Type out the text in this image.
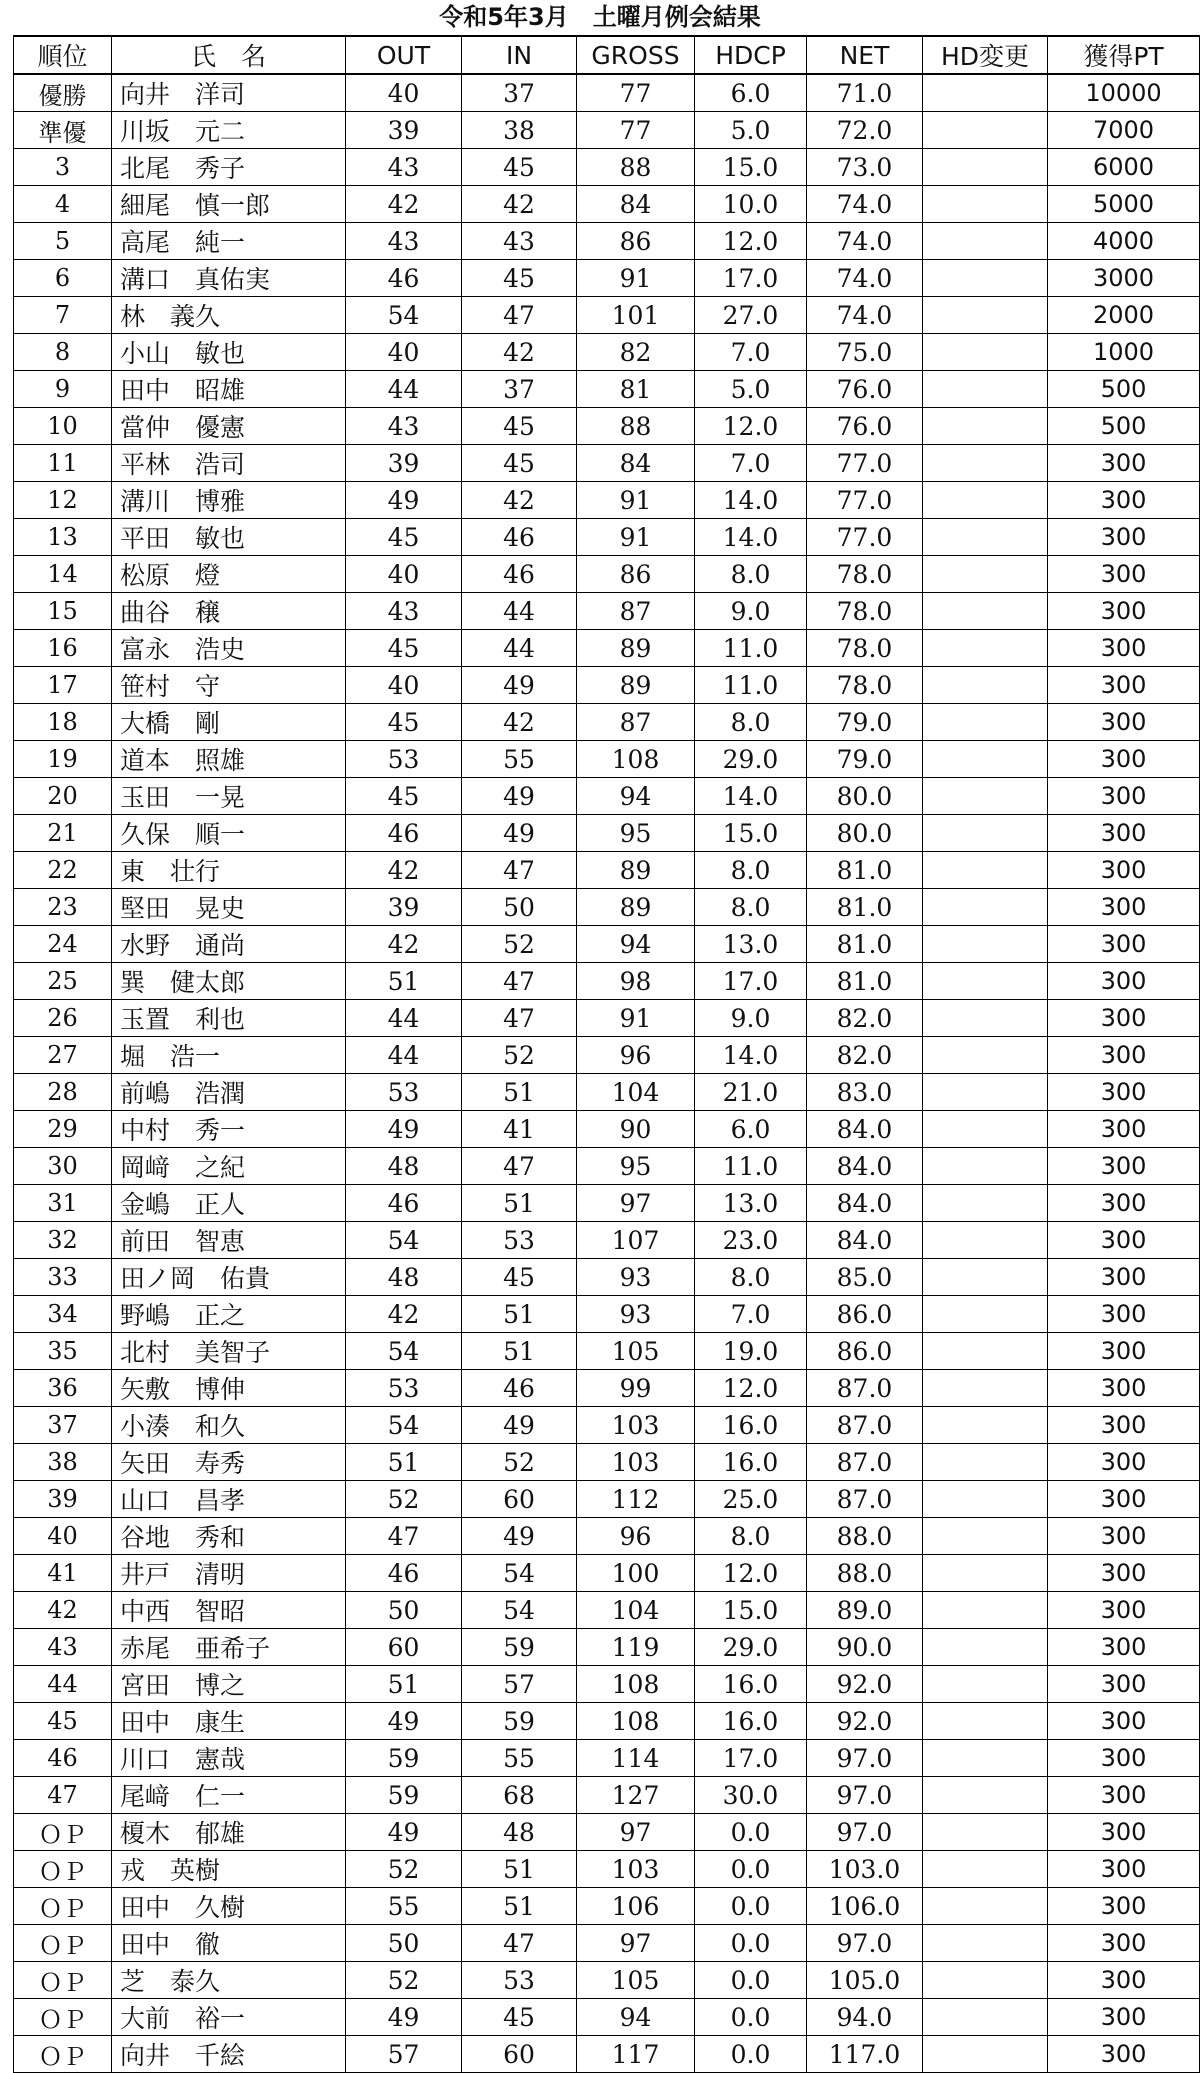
令和5年3月　土曜月例会結果
順位	氏　名	OUT	IN	GROSS	HDCP	NET	HD変更	獲得PT
優勝	向井　洋司	40	37	77	6.0	71.0		10000
準優	川坂　元二	39	38	77	5.0	72.0		7000
3	北尾　秀子	43	45	88	15.0	73.0		6000
4	細尾　慎一郎	42	42	84	10.0	74.0		5000
5	高尾　純一	43	43	86	12.0	74.0		4000
6	溝口　真佑実	46	45	91	17.0	74.0		3000
7	林　義久	54	47	101	27.0	74.0		2000
8	小山　敏也	40	42	82	7.0	75.0		1000
9	田中　昭雄	44	37	81	5.0	76.0		500
10	當仲　優憲	43	45	88	12.0	76.0		500
11	平林　浩司	39	45	84	7.0	77.0		300
12	溝川　博雅	49	42	91	14.0	77.0		300
13	平田　敏也	45	46	91	14.0	77.0		300
14	松原　燈	40	46	86	8.0	78.0		300
15	曲谷　穣	43	44	87	9.0	78.0		300
16	富永　浩史	45	44	89	11.0	78.0		300
17	笹村　守	40	49	89	11.0	78.0		300
18	大橋　剛	45	42	87	8.0	79.0		300
19	道本　照雄	53	55	108	29.0	79.0		300
20	玉田　一晃	45	49	94	14.0	80.0		300
21	久保　順一	46	49	95	15.0	80.0		300
22	東　壮行	42	47	89	8.0	81.0		300
23	堅田　晃史	39	50	89	8.0	81.0		300
24	水野　通尚	42	52	94	13.0	81.0		300
25	巽　健太郎	51	47	98	17.0	81.0		300
26	玉置　利也	44	47	91	9.0	82.0		300
27	堀　浩一	44	52	96	14.0	82.0		300
28	前嶋　浩潤	53	51	104	21.0	83.0		300
29	中村　秀一	49	41	90	6.0	84.0		300
30	岡﨑　之紀	48	47	95	11.0	84.0		300
31	金嶋　正人	46	51	97	13.0	84.0		300
32	前田　智恵	54	53	107	23.0	84.0		300
33	田ノ岡　佑貴	48	45	93	8.0	85.0		300
34	野嶋　正之	42	51	93	7.0	86.0		300
35	北村　美智子	54	51	105	19.0	86.0		300
36	矢敷　博伸	53	46	99	12.0	87.0		300
37	小湊　和久	54	49	103	16.0	87.0		300
38	矢田　寿秀	51	52	103	16.0	87.0		300
39	山口　昌孝	52	60	112	25.0	87.0		300
40	谷地　秀和	47	49	96	8.0	88.0		300
41	井戸　清明	46	54	100	12.0	88.0		300
42	中西　智昭	50	54	104	15.0	89.0		300
43	赤尾　亜希子	60	59	119	29.0	90.0		300
44	宮田　博之	51	57	108	16.0	92.0		300
45	田中　康生	49	59	108	16.0	92.0		300
46	川口　憲哉	59	55	114	17.0	97.0		300
47	尾﨑　仁一	59	68	127	30.0	97.0		300
ＯＰ	榎木　郁雄	49	48	97	0.0	97.0		300
ＯＰ	戎　英樹	52	51	103	0.0	103.0		300
ＯＰ	田中　久樹	55	51	106	0.0	106.0		300
ＯＰ	田中　徹	50	47	97	0.0	97.0		300
ＯＰ	芝　泰久	52	53	105	0.0	105.0		300
ＯＰ	大前　裕一	49	45	94	0.0	94.0		300
ＯＰ	向井　千絵	57	60	117	0.0	117.0		300
